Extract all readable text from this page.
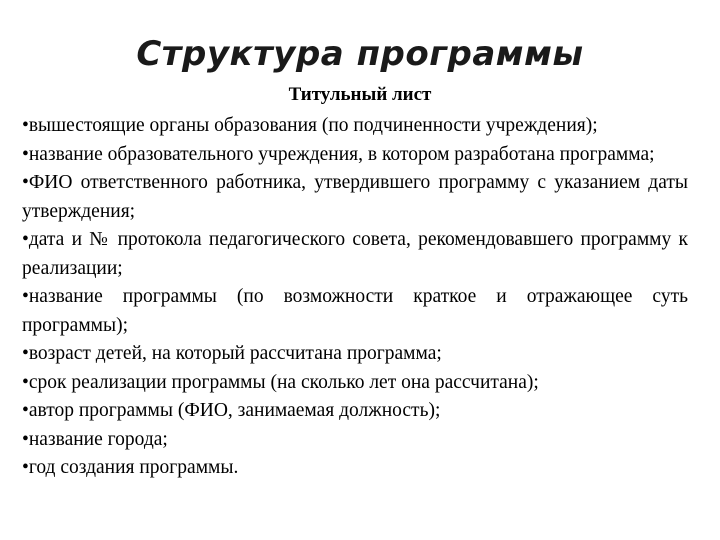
Структура программы
Титульный лист
•вышестоящие органы образования (по подчиненности учреждения);
•название образовательного учреждения, в котором разработана программа;
•ФИО ответственного работника, утвердившего программу с указанием даты утверждения;
•дата и № протокола педагогического совета, рекомендовавшего программу к реализации;
•название программы (по возможности краткое и отражающее суть программы);
•возраст детей, на который рассчитана программа;
•срок реализации программы (на сколько лет она рассчитана);
•автор программы (ФИО, занимаемая должность);
•название города;
•год создания программы.
